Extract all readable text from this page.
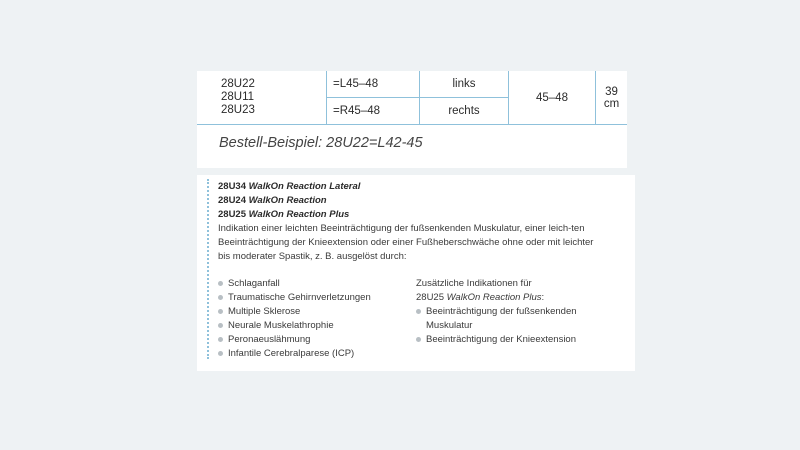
28U22
28U11
28U23	=L45–48	links	45–48	39 cm
	=R45–48	rechts		
Bestell-Beispiel: 28U22=L42-45
28U34 WalkOn Reaction Lateral
28U24 WalkOn Reaction
28U25 WalkOn Reaction Plus
Indikation einer leichten Beeinträchtigung der fußsenkenden Muskulatur, einer leich-ten Beeinträchtigung der Knieextension oder einer Fußheberschwäche ohne oder mit leichter bis moderater Spastik, z. B. ausgelöst durch:
Schlaganfall
Traumatische Gehirnverletzungen
Multiple Sklerose
Neurale Muskelathrophie
Peronaeuslähmung
Infantile Cerebralparese (ICP)
Zusätzliche Indikationen für
28U25 WalkOn Reaction Plus:
Beeinträchtigung der fußsenkenden Muskulatur
Beeinträchtigung der Knieextension
